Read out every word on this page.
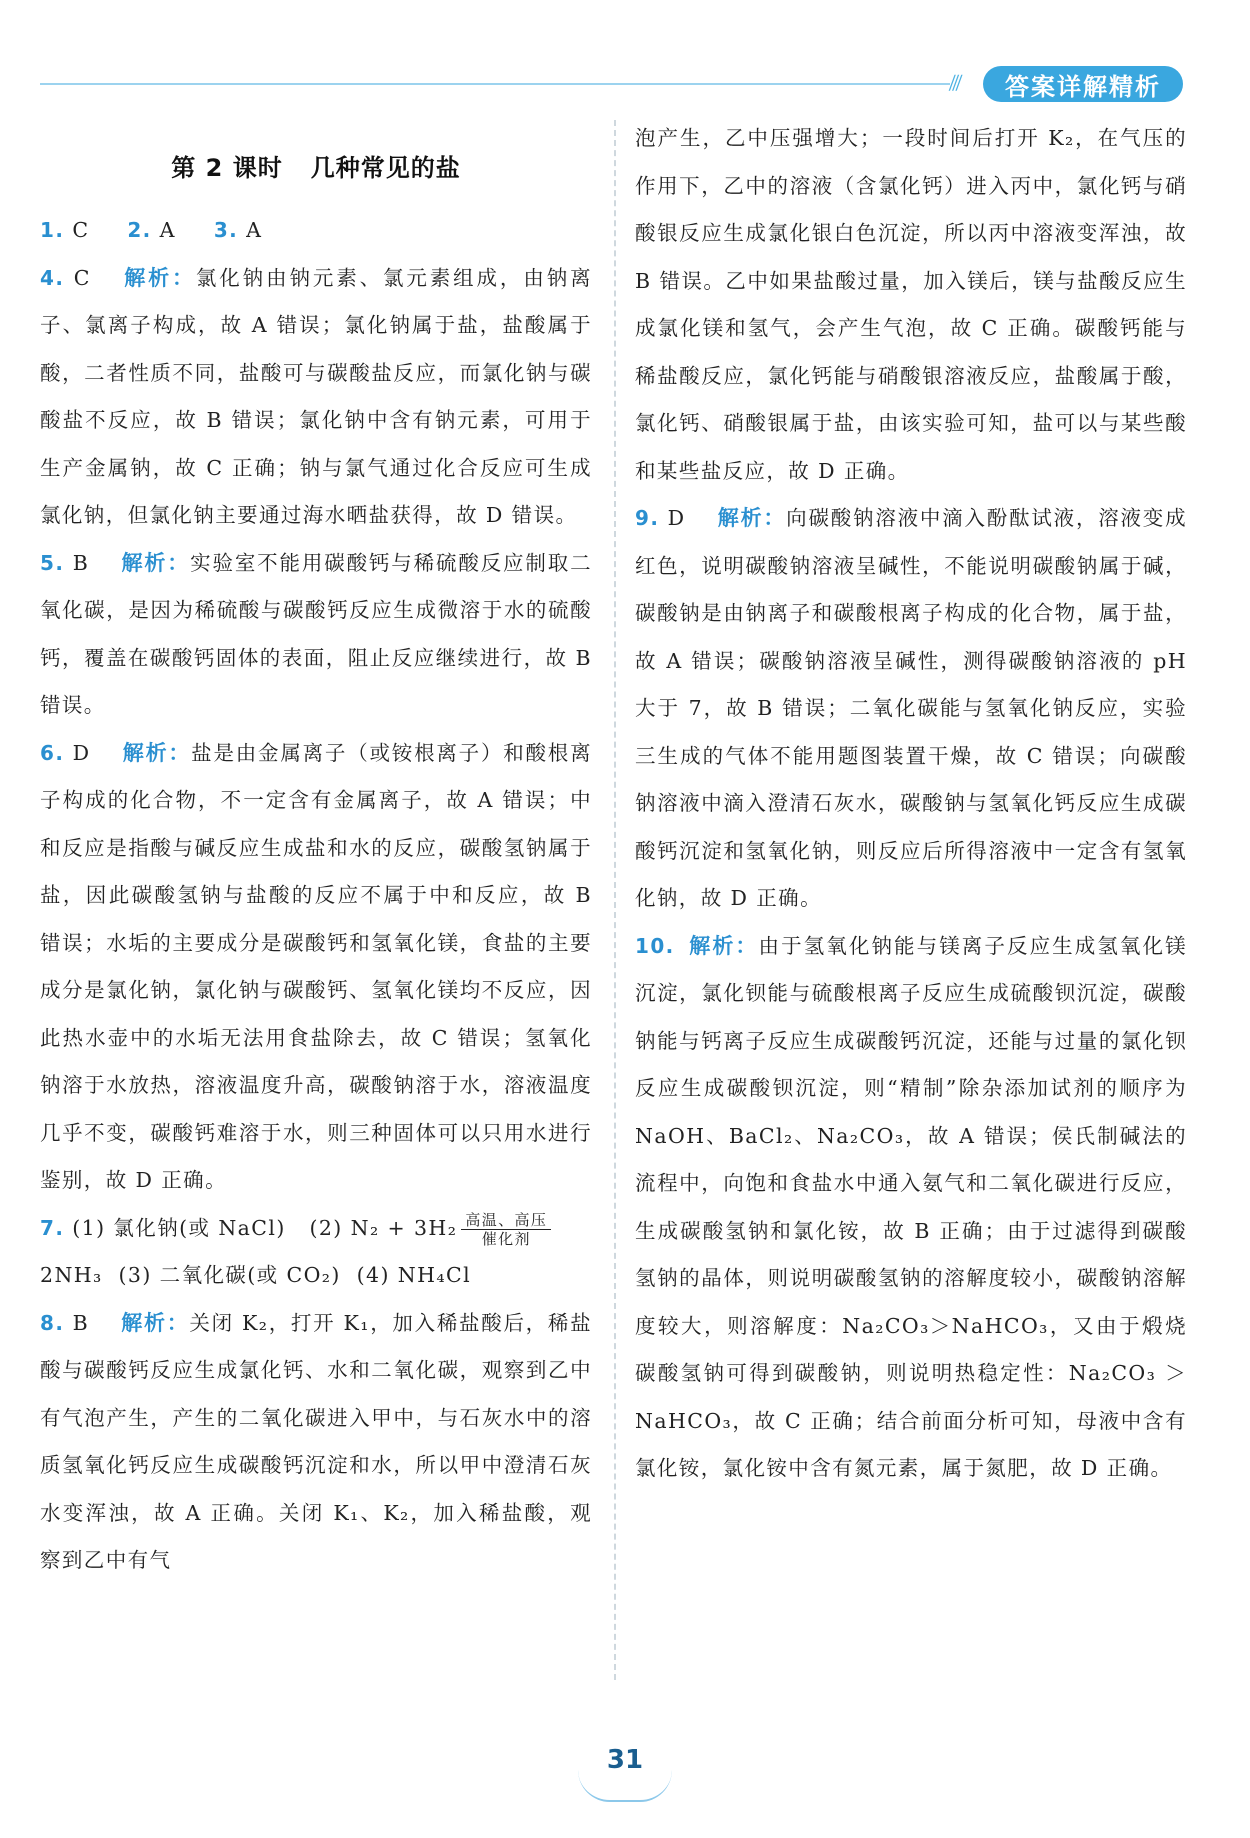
|||	答案详解精析
第 2 课时 几种常见的盐

1. C 2. A 3. A

4. C 解析：氯化钠由钠元素、氯元素组成，由钠离子、氯离子构成，故 A 错误；氯化钠属于盐，盐酸属于酸，二者性质不同，盐酸可与碳酸盐反应，而氯化钠与碳酸盐不反应，故 B 错误；氯化钠中含有钠元素，可用于生产金属钠，故 C 正确；钠与氯气通过化合反应可生成氯化钠，但氯化钠主要通过海水晒盐获得，故 D 错误。

5. B 解析：实验室不能用碳酸钙与稀硫酸反应制取二氧化碳，是因为稀硫酸与碳酸钙反应生成微溶于水的硫酸钙，覆盖在碳酸钙固体的表面，阻止反应继续进行，故 B 错误。

6. D 解析：盐是由金属离子（或铵根离子）和酸根离子构成的化合物，不一定含有金属离子，故 A 错误；中和反应是指酸与碱反应生成盐和水的反应，碳酸氢钠属于盐，因此碳酸氢钠与盐酸的反应不属于中和反应，故 B 错误；水垢的主要成分是碳酸钙和氢氧化镁，食盐的主要成分是氯化钠，氯化钠与碳酸钙、氢氧化镁均不反应，因此热水壶中的水垢无法用食盐除去，故 C 错误；氢氧化钠溶于水放热，溶液温度升高，碳酸钠溶于水，溶液温度几乎不变，碳酸钙难溶于水，则三种固体可以只用水进行鉴别，故 D 正确。

7. (1) 氯化钠(或 NaCl) (2) N₂ + 3H₂ 高温、高压
催化剂
2NH₃ (3) 二氧化碳(或 CO₂) (4) NH₄Cl

8. B 解析：关闭 K₂，打开 K₁，加入稀盐酸后，稀盐酸与碳酸钙反应生成氯化钙、水和二氧化碳，观察到乙中有气泡产生，产生的二氧化碳进入甲中，与石灰水中的溶质氢氧化钙反应生成碳酸钙沉淀和水，所以甲中澄清石灰水变浑浊，故 A 正确。关闭 K₁、K₂，加入稀盐酸，观察到乙中有气

泡产生，乙中压强增大；一段时间后打开 K₂，在气压的作用下，乙中的溶液（含氯化钙）进入丙中，氯化钙与硝酸银反应生成氯化银白色沉淀，所以丙中溶液变浑浊，故 B 错误。乙中如果盐酸过量，加入镁后，镁与盐酸反应生成氯化镁和氢气，会产生气泡，故 C 正确。碳酸钙能与稀盐酸反应，氯化钙能与硝酸银溶液反应，盐酸属于酸，氯化钙、硝酸银属于盐，由该实验可知，盐可以与某些酸和某些盐反应，故 D 正确。

9. D 解析：向碳酸钠溶液中滴入酚酞试液，溶液变成红色，说明碳酸钠溶液呈碱性，不能说明碳酸钠属于碱，碳酸钠是由钠离子和碳酸根离子构成的化合物，属于盐，故 A 错误；碳酸钠溶液呈碱性，测得碳酸钠溶液的 pH 大于 7，故 B 错误；二氧化碳能与氢氧化钠反应，实验三生成的气体不能用题图装置干燥，故 C 错误；向碳酸钠溶液中滴入澄清石灰水，碳酸钠与氢氧化钙反应生成碳酸钙沉淀和氢氧化钠，则反应后所得溶液中一定含有氢氧化钠，故 D 正确。

10. 解析：由于氢氧化钠能与镁离子反应生成氢氧化镁沉淀，氯化钡能与硫酸根离子反应生成硫酸钡沉淀，碳酸钠能与钙离子反应生成碳酸钙沉淀，还能与过量的氯化钡反应生成碳酸钡沉淀，则“精制”除杂添加试剂的顺序为 NaOH、BaCl₂、Na₂CO₃，故 A 错误；侯氏制碱法的流程中，向饱和食盐水中通入氨气和二氧化碳进行反应，生成碳酸氢钠和氯化铵，故 B 正确；由于过滤得到碳酸氢钠的晶体，则说明碳酸氢钠的溶解度较小，碳酸钠溶解度较大，则溶解度：Na₂CO₃＞NaHCO₃，又由于煅烧碳酸氢钠可得到碳酸钠，则说明热稳定性：Na₂CO₃ ＞ NaHCO₃，故 C 正确；结合前面分析可知，母液中含有氯化铵，氯化铵中含有氮元素，属于氮肥，故 D 正确。

31
